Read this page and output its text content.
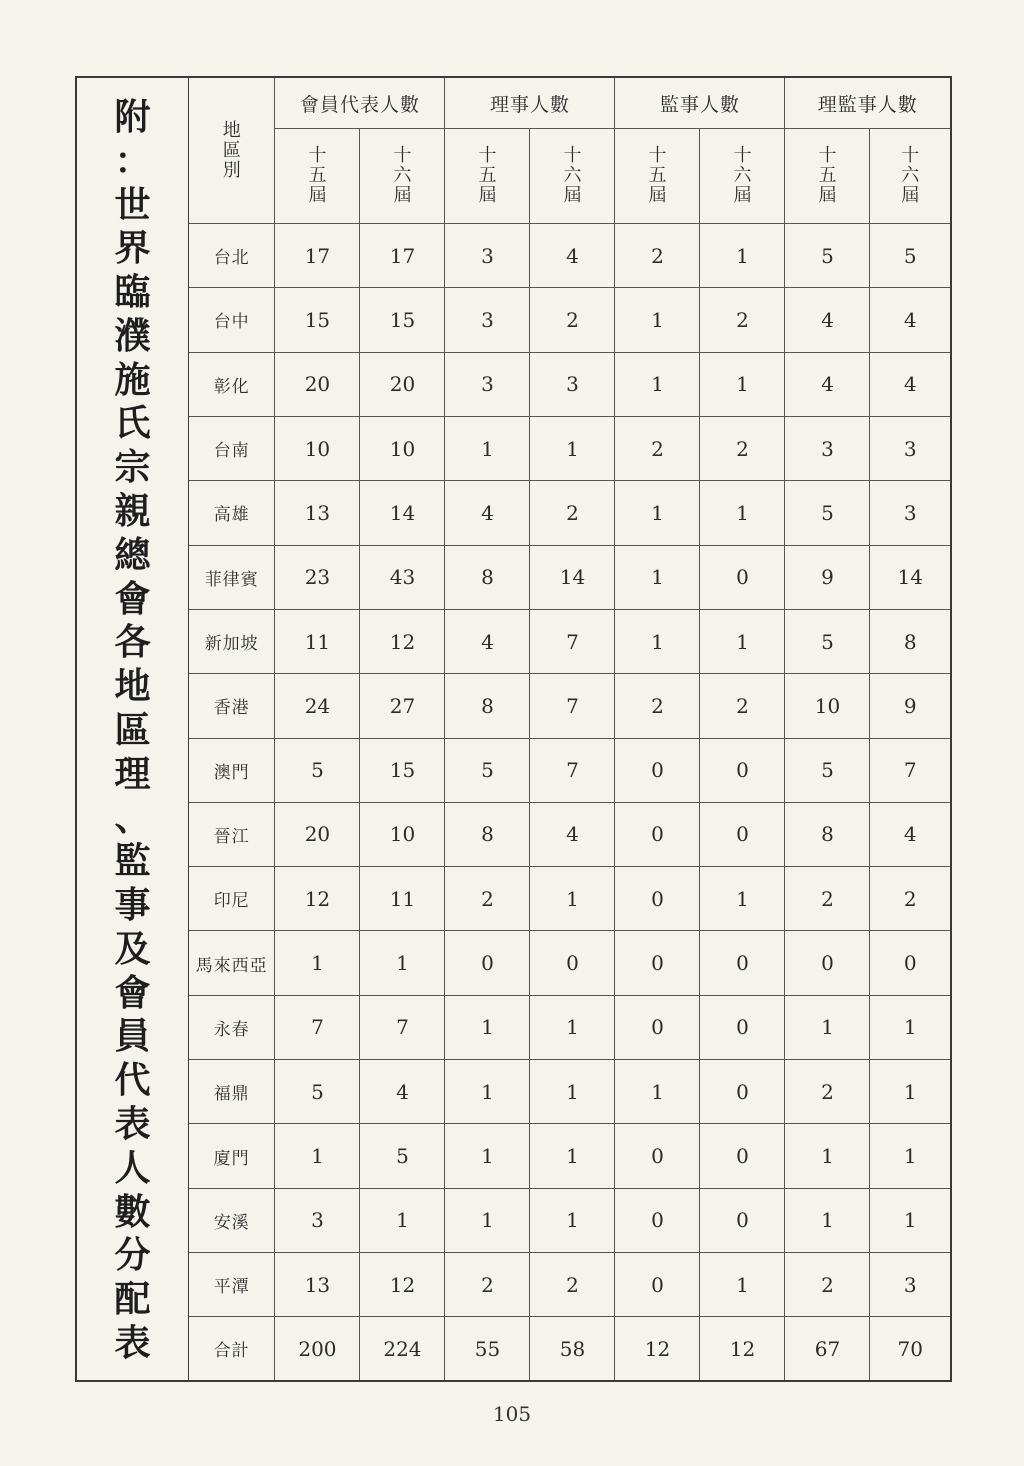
附
：
世
界
臨
濮
施
氏
宗
親
總
會
各
地
區
理
、
監
事
及
會
員
代
表
人
數
分
配
表
地
區
別	會員代表人數		理事人數		監事人數		理監事人數	

	十
五
屆	十
六
屆	十
五
屆	十
六
屆	十
五
屆	十
六
屆	十
五
屆	十
六
屆

台北	17	17	3	4	2	1	5	5
台中	15	15	3	2	1	2	4	4
彰化	20	20	3	3	1	1	4	4
台南	10	10	1	1	2	2	3	3
高雄	13	14	4	2	1	1	5	3
菲律賓	23	43	8	14	1	0	9	14
新加坡	11	12	4	7	1	1	5	8
香港	24	27	8	7	2	2	10	9
澳門	5	15	5	7	0	0	5	7
晉江	20	10	8	4	0	0	8	4
印尼	12	11	2	1	0	1	2	2
馬來西亞	1	1	0	0	0	0	0	0
永春	7	7	1	1	0	0	1	1
福鼎	5	4	1	1	1	0	2	1
廈門	1	5	1	1	0	0	1	1
安溪	3	1	1	1	0	0	1	1
平潭	13	12	2	2	0	1	2	3
合計	200	224	55	58	12	12	67	70
105
